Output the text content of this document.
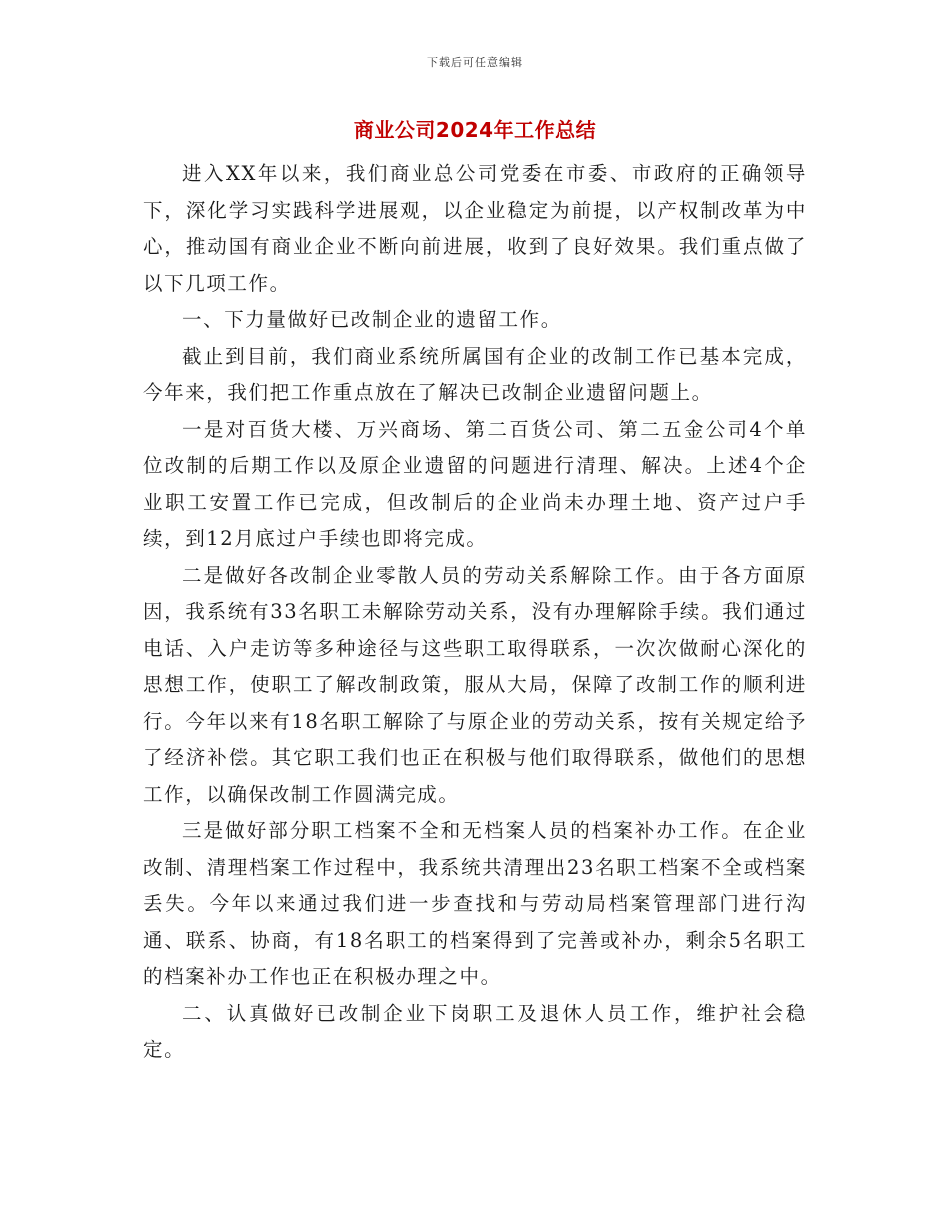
下载后可任意编辑
商业公司2024年工作总结

进入XX年以来，我们商业总公司党委在市委、市政府的正确领导下，深化学习实践科学进展观，以企业稳定为前提，以产权制改革为中心，推动国有商业企业不断向前进展，收到了良好效果。我们重点做了以下几项工作。

一、下力量做好已改制企业的遗留工作。

截止到目前，我们商业系统所属国有企业的改制工作已基本完成，今年来，我们把工作重点放在了解决已改制企业遗留问题上。

一是对百货大楼、万兴商场、第二百货公司、第二五金公司4个单位改制的后期工作以及原企业遗留的问题进行清理、解决。上述4个企业职工安置工作已完成，但改制后的企业尚未办理土地、资产过户手续，到12月底过户手续也即将完成。

二是做好各改制企业零散人员的劳动关系解除工作。由于各方面原因，我系统有33名职工未解除劳动关系，没有办理解除手续。我们通过电话、入户走访等多种途径与这些职工取得联系，一次次做耐心深化的思想工作，使职工了解改制政策，服从大局，保障了改制工作的顺利进行。今年以来有18名职工解除了与原企业的劳动关系，按有关规定给予了经济补偿。其它职工我们也正在积极与他们取得联系，做他们的思想工作，以确保改制工作圆满完成。

三是做好部分职工档案不全和无档案人员的档案补办工作。在企业改制、清理档案工作过程中，我系统共清理出23名职工档案不全或档案丢失。今年以来通过我们进一步查找和与劳动局档案管理部门进行沟通、联系、协商，有18名职工的档案得到了完善或补办，剩余5名职工的档案补办工作也正在积极办理之中。

二、认真做好已改制企业下岗职工及退休人员工作，维护社会稳定。
